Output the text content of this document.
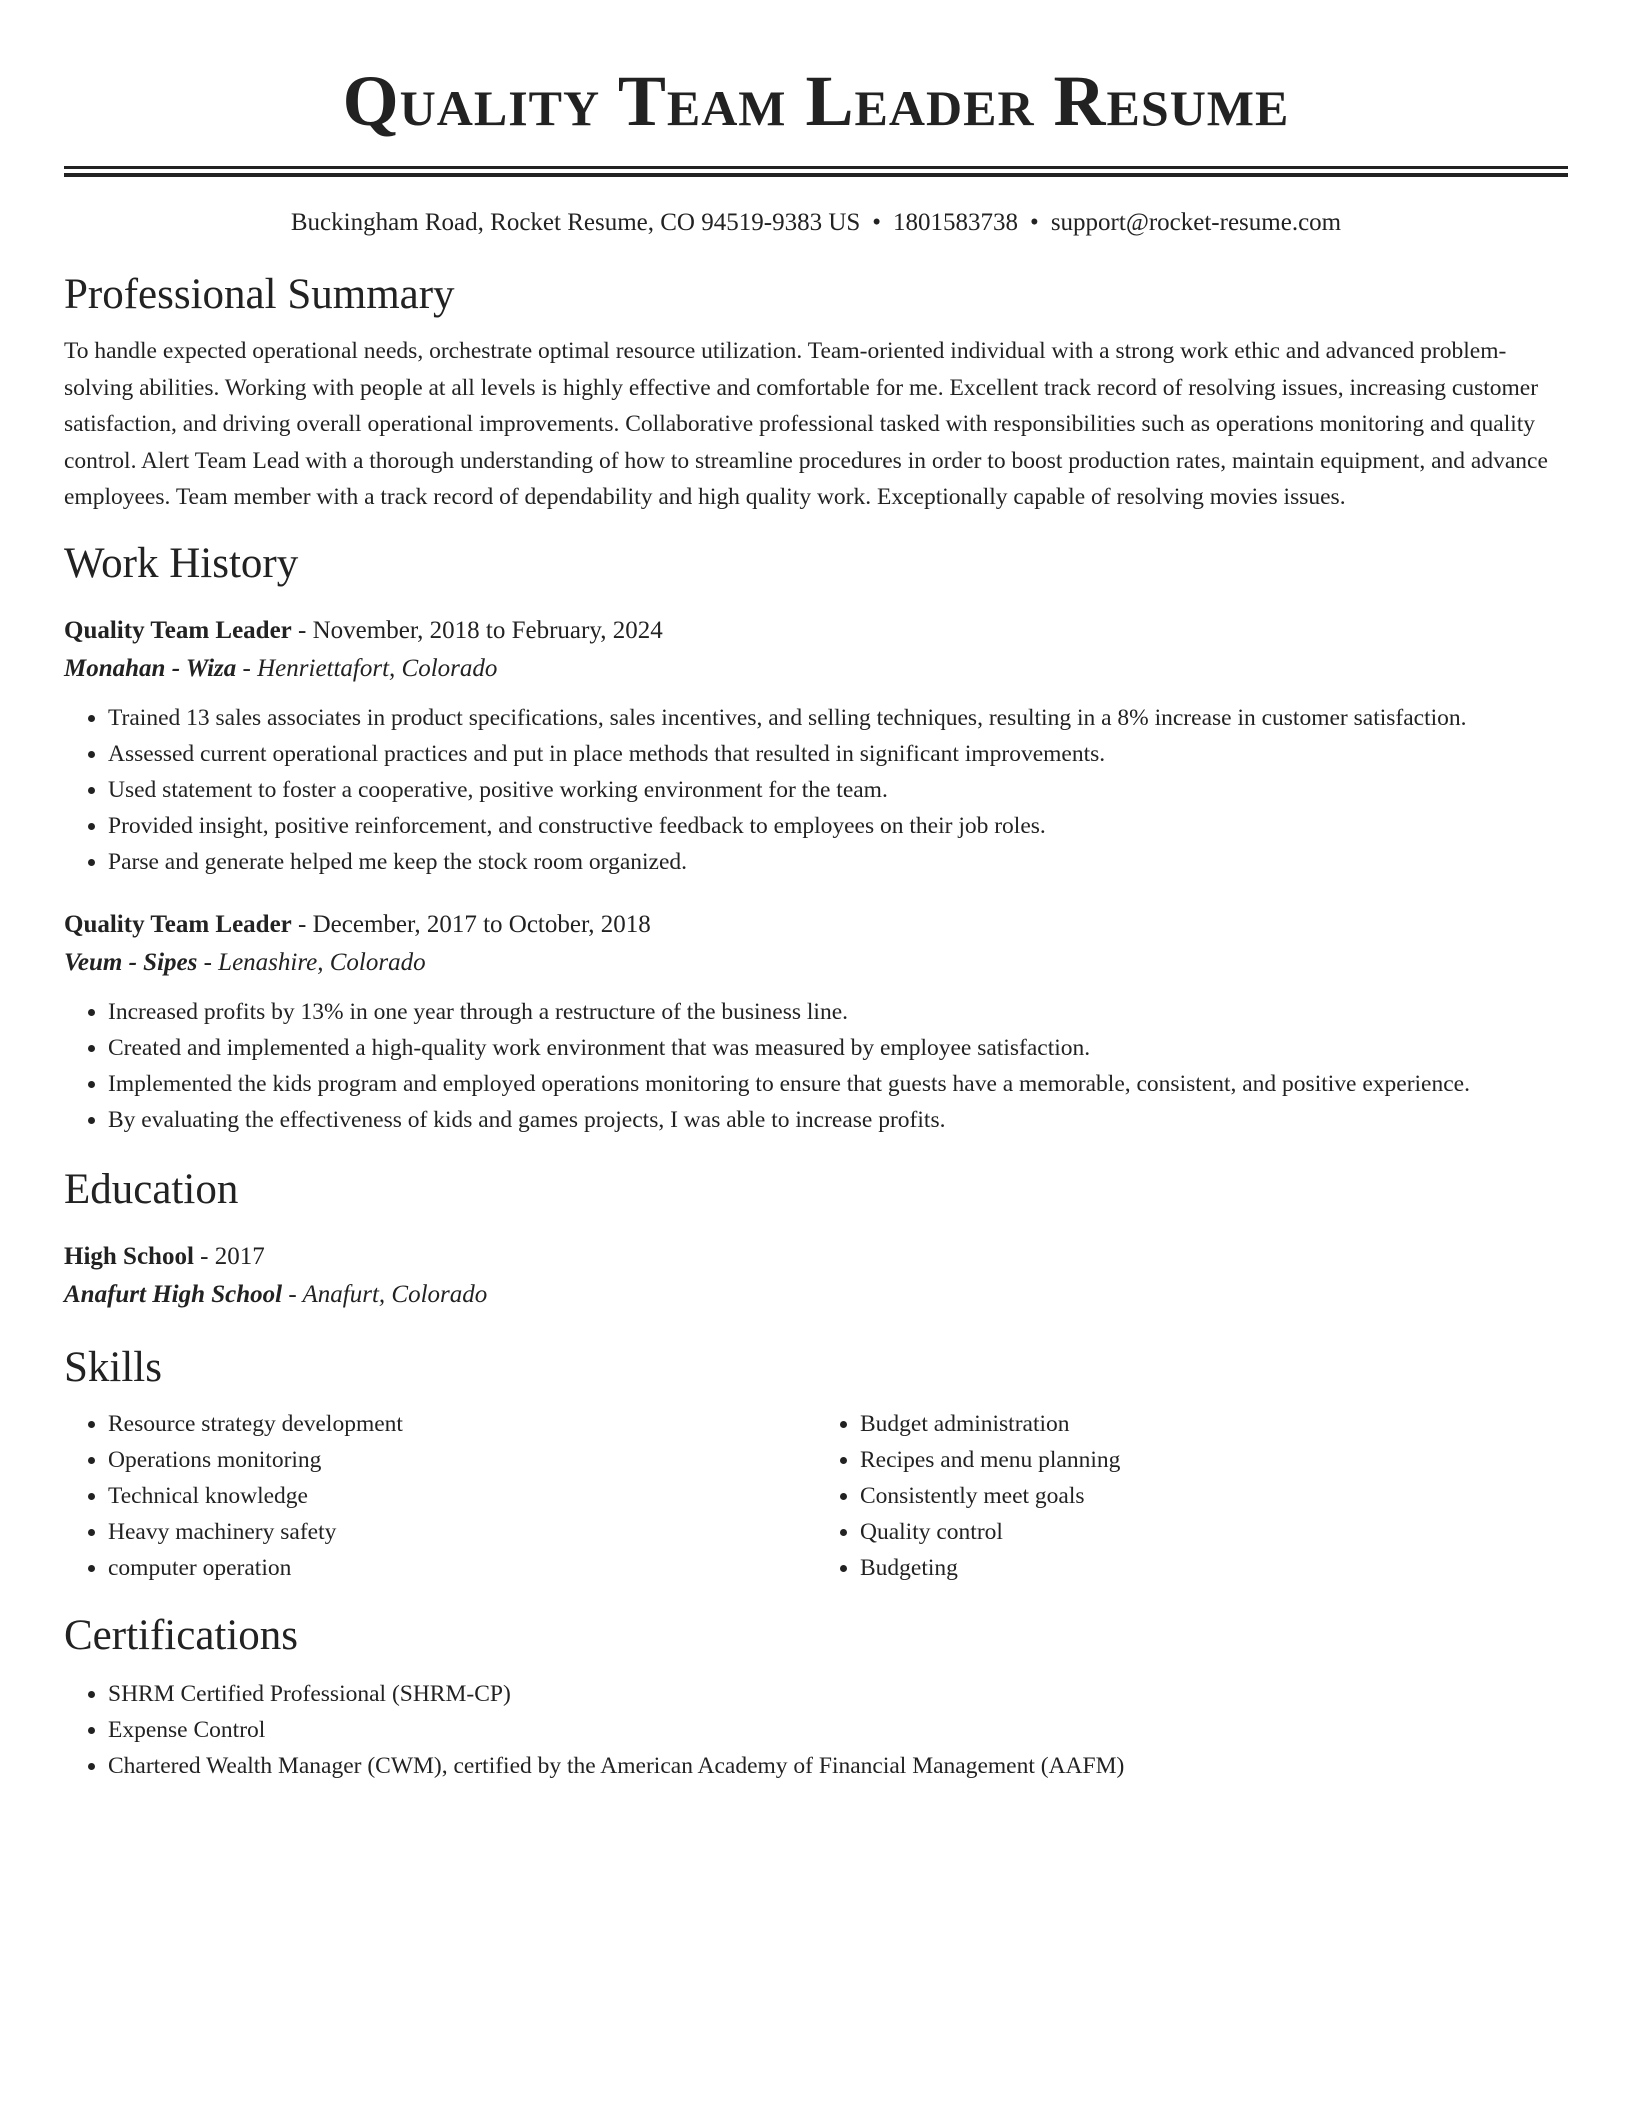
Quality Team Leader Resume
Buckingham Road, Rocket Resume, CO 94519-9383 US • 1801583738 • support@rocket-resume.com
Professional Summary

To handle expected operational needs, orchestrate optimal resource utilization. Team-oriented individual with a strong work ethic and advanced problem-solving abilities. Working with people at all levels is highly effective and comfortable for me. Excellent track record of resolving issues, increasing customer satisfaction, and driving overall operational improvements. Collaborative professional tasked with responsibilities such as operations monitoring and quality control. Alert Team Lead with a thorough understanding of how to streamline procedures in order to boost production rates, maintain equipment, and advance employees. Team member with a track record of dependability and high quality work. Exceptionally capable of resolving movies issues.

Work History
Quality Team Leader - November, 2018 to February, 2024
Monahan - Wiza - Henriettafort, Colorado
• Trained 13 sales associates in product specifications, sales incentives, and selling techniques, resulting in a 8% increase in customer satisfaction.
• Assessed current operational practices and put in place methods that resulted in significant improvements.
• Used statement to foster a cooperative, positive working environment for the team.
• Provided insight, positive reinforcement, and constructive feedback to employees on their job roles.
• Parse and generate helped me keep the stock room organized.
Quality Team Leader - December, 2017 to October, 2018
Veum - Sipes - Lenashire, Colorado
• Increased profits by 13% in one year through a restructure of the business line.
• Created and implemented a high-quality work environment that was measured by employee satisfaction.
• Implemented the kids program and employed operations monitoring to ensure that guests have a memorable, consistent, and positive experience.
• By evaluating the effectiveness of kids and games projects, I was able to increase profits.
Education
High School - 2017
Anafurt High School - Anafurt, Colorado
Skills
• Resource strategy development
• Operations monitoring
• Technical knowledge
• Heavy machinery safety
• computer operation
• Budget administration
• Recipes and menu planning
• Consistently meet goals
• Quality control
• Budgeting
Certifications
• SHRM Certified Professional (SHRM-CP)
• Expense Control
• Chartered Wealth Manager (CWM), certified by the American Academy of Financial Management (AAFM)
